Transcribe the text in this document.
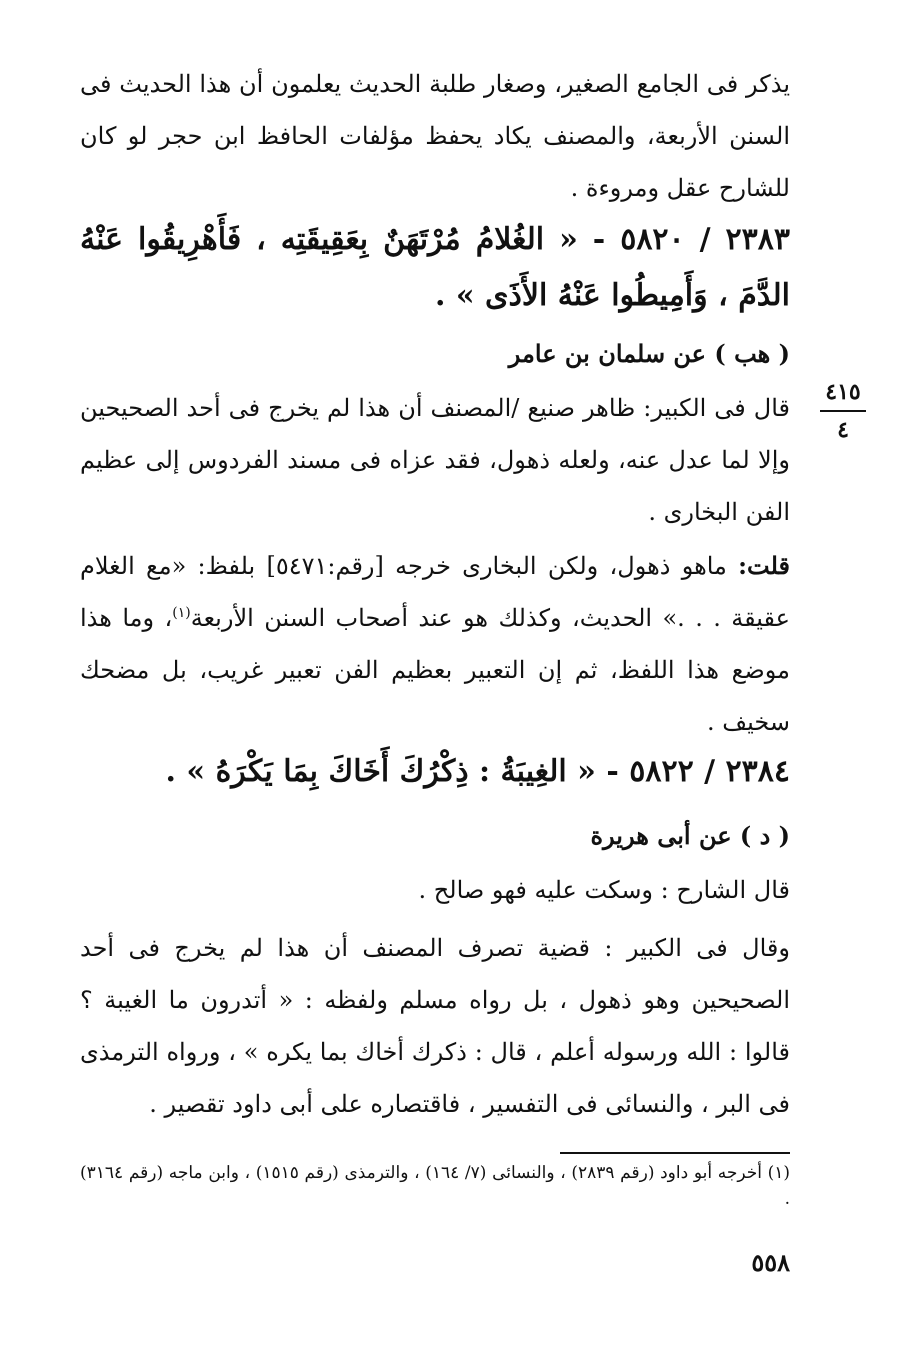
يذكر فى الجامع الصغير، وصغار طلبة الحديث يعلمون أن هذا الحديث فى السنن الأربعة، والمصنف يكاد يحفظ مؤلفات الحافظ ابن حجر لو كان للشارح عقل ومروءة .

٢٣٨٣ / ٥٨٢٠ - « الغُلامُ مُرْتَهَنٌ بِعَقِيقَتِه ، فَأَهْرِيقُوا عَنْهُ الدَّمَ ، وَأَمِيطُوا عَنْهُ الأَذَى » .

( هب ) عن سلمان بن عامر
٤١٥
٤

قال فى الكبير: ظاهر صنيع /المصنف أن هذا لم يخرج فى أحد الصحيحين وإلا لما عدل عنه، ولعله ذهول، فقد عزاه فى مسند الفردوس إلى عظيم الفن البخارى .

قلت: ماهو ذهول، ولكن البخارى خرجه [رقم:٥٤٧١] بلفظ: «مع الغلام عقيقة . . .» الحديث، وكذلك هو عند أصحاب السنن الأربعة$^{(١)}$، وما هذا موضع هذا اللفظ، ثم إن التعبير بعظيم الفن تعبير غريب، بل مضحك سخيف .

٢٣٨٤ / ٥٨٢٢ - « الغِيبَةُ : ذِكْرُكَ أَخَاكَ بِمَا يَكْرَهُ » .

( د ) عن أبى هريرة

قال الشارح : وسكت عليه فهو صالح .

وقال فى الكبير : قضية تصرف المصنف أن هذا لم يخرج فى أحد الصحيحين وهو ذهول ، بل رواه مسلم ولفظه : « أتدرون ما الغيبة ؟ قالوا : الله ورسوله أعلم ، قال : ذكرك أخاك بما يكره » ، ورواه الترمذى فى البر ، والنسائى فى التفسير ، فاقتصاره على أبى داود تقصير .

(١) أخرجه أبو داود (رقم ٢٨٣٩) ، والنسائى (٧/ ١٦٤) ، والترمذى (رقم ١٥١٥) ، وابن ماجه (رقم ٣١٦٤) .

٥٥٨
